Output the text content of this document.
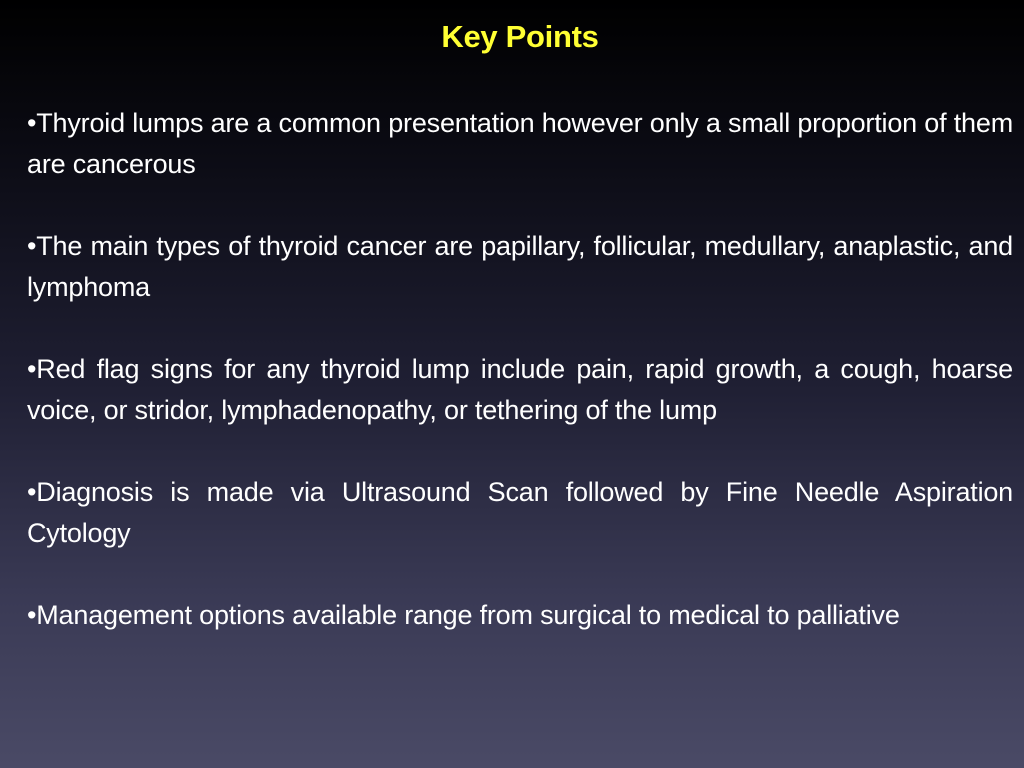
Key Points
•Thyroid lumps are a common presentation however only a small proportion of them are cancerous
•The main types of thyroid cancer are papillary, follicular, medullary, anaplastic, and lymphoma
•Red flag signs for any thyroid lump include pain, rapid growth, a cough, hoarse voice, or stridor, lymphadenopathy, or tethering of the lump
•Diagnosis is made via Ultrasound Scan followed by Fine Needle Aspiration Cytology
•Management options available range from surgical to medical to palliative
